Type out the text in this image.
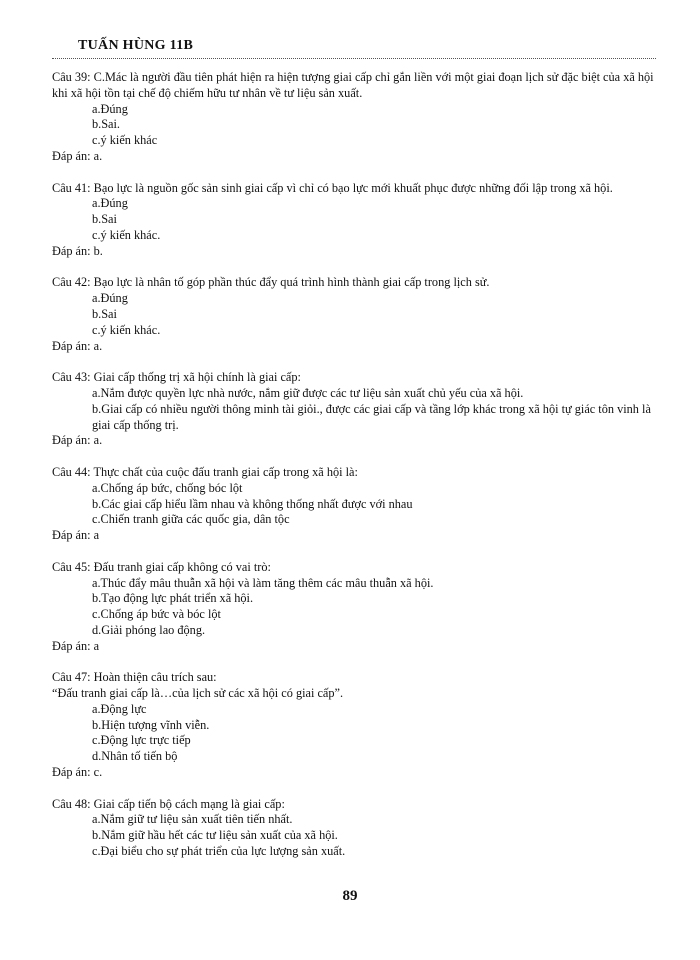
TUẤN HÙNG 11B

Câu 39: C.Mác là người đầu tiên phát hiện ra hiện tượng giai cấp chỉ gắn liền với một giai đoạn lịch sử đặc biệt của xã hội khi xã hội tồn tại chế độ chiếm hữu tư nhân về tư liệu sản xuất.

a.Đúng
b.Sai.
c.ý kiến khác

Đáp án: a.

Câu 41: Bạo lực là nguồn gốc sản sinh giai cấp vì chỉ có bạo lực mới khuất phục được những đối lập trong xã hội.

a.Đúng
b.Sai
c.ý kiến khác.

Đáp án: b.

Câu 42: Bạo lực là nhân tố góp phần thúc đẩy quá trình hình thành giai cấp trong lịch sử.

a.Đúng
b.Sai
c.ý kiến khác.

Đáp án: a.

Câu 43: Giai cấp thống trị xã hội chính là giai cấp:

a.Nắm được quyền lực nhà nước, nắm giữ được các tư liệu sản xuất chủ yếu của xã hội.
b.Giai cấp có nhiều người thông minh tài giỏi., được các giai cấp và tầng lớp khác trong xã hội tự giác tôn vinh là giai cấp thống trị.

Đáp án: a.

Câu 44: Thực chất của cuộc đấu tranh giai cấp trong xã hội là:

a.Chống áp bức, chống bóc lột
b.Các giai cấp hiểu lầm nhau và không thống nhất được với nhau
c.Chiến tranh giữa các quốc gia, dân tộc

Đáp án: a

Câu 45: Đấu tranh giai cấp không có vai trò:

a.Thúc đẩy mâu thuẫn xã hội và làm tăng thêm các mâu thuẫn xã hội.
b.Tạo động lực phát triển xã hội.
c.Chống áp bức và bóc lột
d.Giải phóng lao động.

Đáp án: a

Câu 47: Hoàn thiện câu trích sau:

“Đấu tranh giai cấp là…của lịch sử các xã hội có giai cấp”.

a.Động lực
b.Hiện tượng vĩnh viễn.
c.Động lực trực tiếp
d.Nhân tố tiến bộ

Đáp án: c.

Câu 48: Giai cấp tiến bộ cách mạng là giai cấp:

a.Nắm giữ tư liệu sản xuất tiên tiến nhất.
b.Nắm giữ hầu hết các tư liệu sản xuất của xã hội.
c.Đại biểu cho sự phát triển của lực lượng sản xuất.
89
